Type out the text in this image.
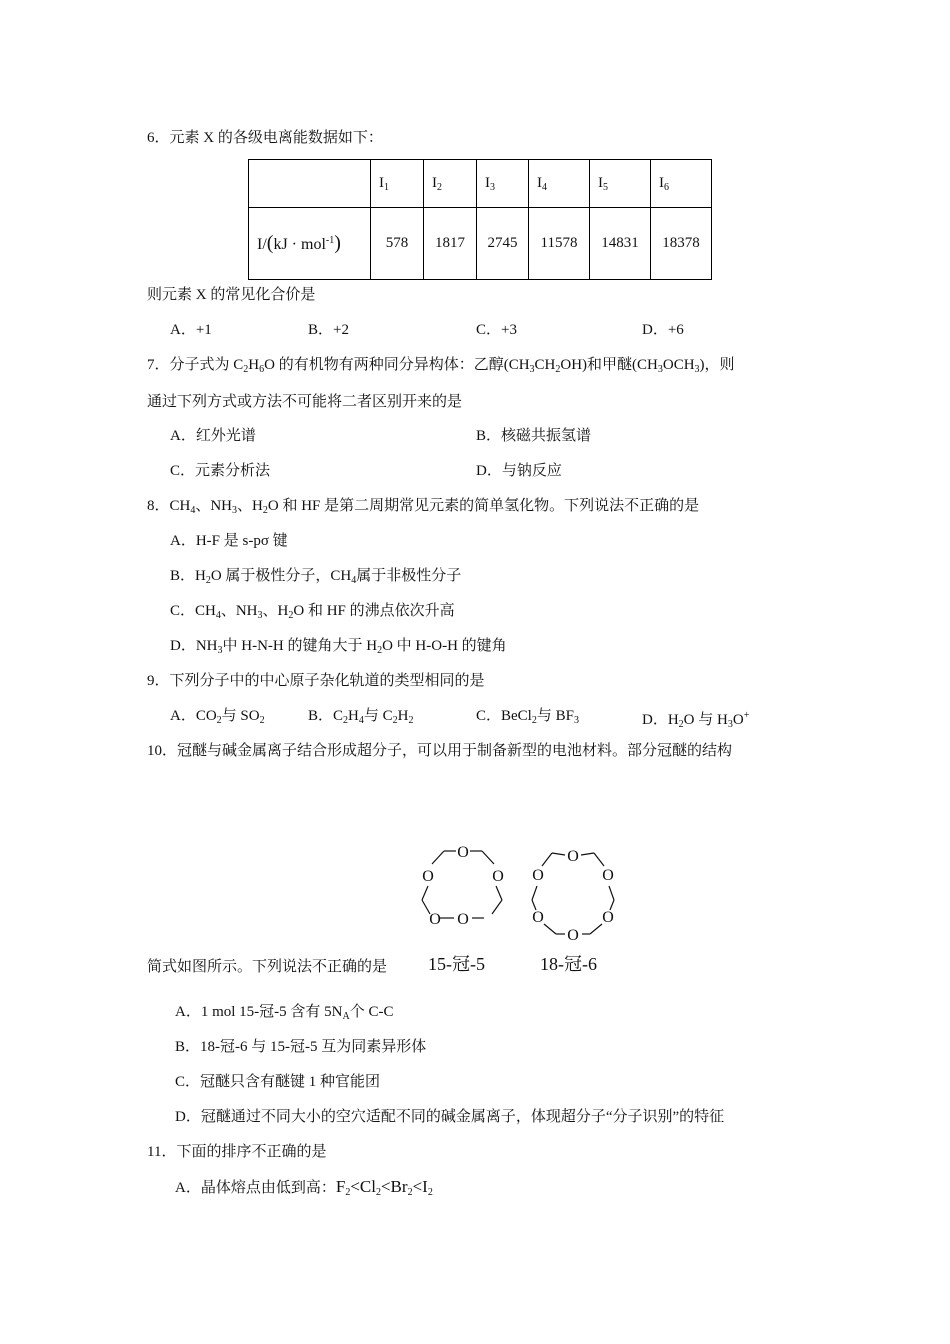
6．元素 X 的各级电离能数据如下：
	$I_1$	$I_2$	$I_3$	$I_4$	$I_5$	$I_6$
I/(kJ · mol$^{-1}$)	578	1817	2745	11578	14831	18378
则元素 X 的常见化合价是
A．+1	B．+2	C．+3	D．+6
7．分子式为 $C_2H_6O$ 的有机物有两种同分异构体：乙醇$(CH_3CH_2OH)$和甲醚$(CH_3OCH_3)$，则
通过下列方式或方法不可能将二者区别开来的是
A．红外光谱	B．核磁共振氢谱
C．元素分析法	D．与钠反应
8．$CH_4$、$NH_3$、$H_2O$ 和 HF 是第二周期常见元素的简单氢化物。下列说法不正确的是
A．H-F 是 s-pσ 键
B．$H_2O$ 属于极性分子，$CH_4$属于非极性分子
C．$CH_4$、$NH_3$、$H_2O$ 和 HF 的沸点依次升高
D．$NH_3$中 H-N-H 的键角大于 $H_2O$ 中 H-O-H 的键角
9．下列分子中的中心原子杂化轨道的类型相同的是
A．$CO_2$与 $SO_2$	B．$C_2H_4$与 $C_2H_2$	C．BeCl$_2$与 $BF_3$	D．$H_2O$ 与 $H_3O^+$
10．冠醚与碱金属离子结合形成超分子，可以用于制备新型的电池材料。部分冠醚的结构
O
O	O
O O
15-冠-5
O
O	O
O	O
O
18-冠-6
简式如图所示。下列说法不正确的是
A．1 mol 15-冠-5 含有 $5N_A$个 C-C
B．18-冠-6 与 15-冠-5 互为同素异形体
C．冠醚只含有醚键 1 种官能团
D．冠醚通过不同大小的空穴适配不同的碱金属离子，体现超分子“分子识别”的特征
11．下面的排序不正确的是
A．晶体熔点由低到高：$F_2<Cl_2<Br_2<I_2$
